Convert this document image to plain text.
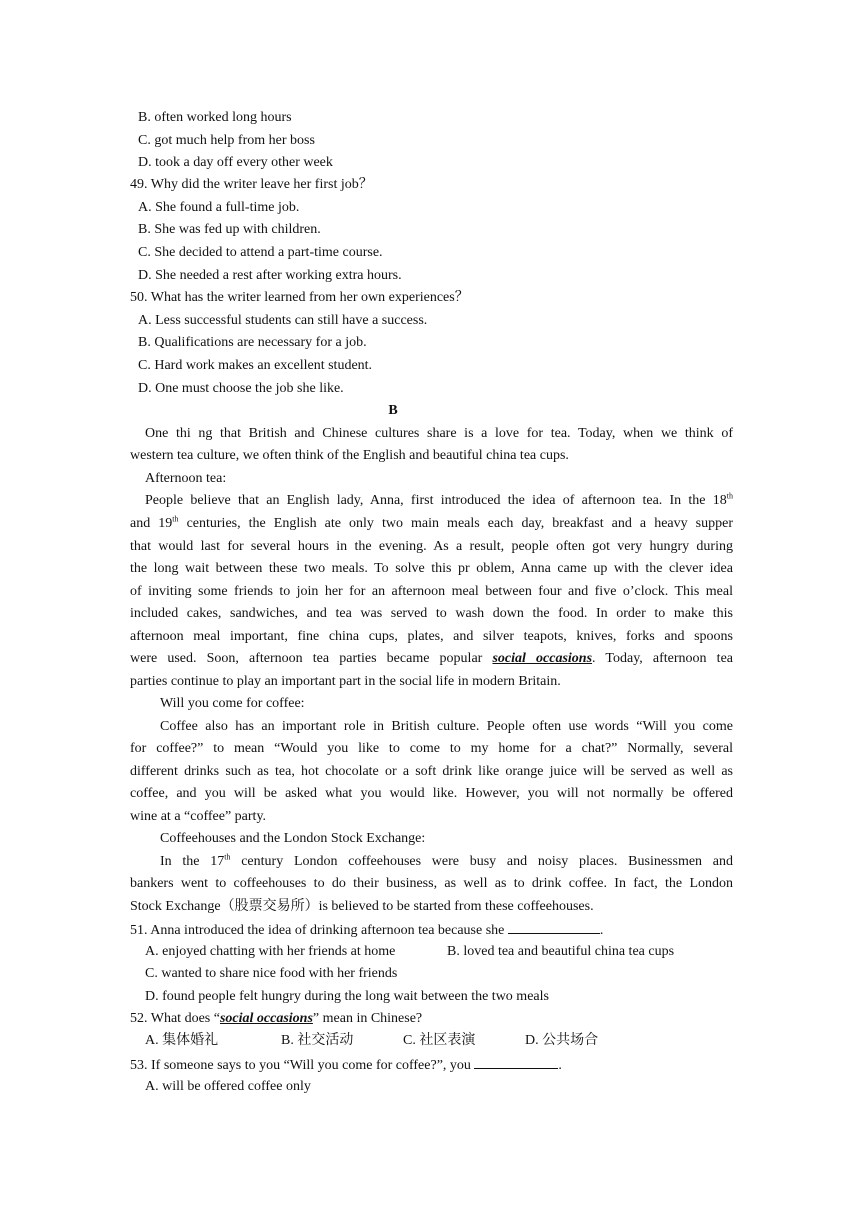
B. often worked long hours
C. got much help from her boss
D. took a day off every other week
49. Why did the writer leave her first job？
A. She found a full-time job.
B. She was fed up with children.
C. She decided to attend a part-time course.
D. She needed a rest after working extra hours.
50. What has the writer learned from her own experiences？
A. Less successful students can still have a success.
B. Qualifications are necessary for a job.
C. Hard work makes an excellent student.
D. One must choose the job she like.
B
One thi ng that British and Chinese cultures share is a love for tea. Today, when we think of
western tea culture, we often think of the English and beautiful china tea cups.
Afternoon tea:
People believe that an English lady, Anna, first introduced the idea of afternoon tea. In the 18th
and 19th centuries, the English ate only two main meals each day, breakfast and a heavy supper
that would last for several hours in the evening. As a result, people often got very hungry during
the long wait between these two meals. To solve this pr oblem, Anna came up with the clever idea
of inviting some friends to join her for an afternoon meal between four and five o’clock. This meal
included cakes, sandwiches, and tea was served to wash down the food. In order to make this
afternoon meal important, fine china cups, plates, and silver teapots, knives, forks and spoons
were used. Soon, afternoon tea parties became popular social occasions. Today, afternoon tea
parties continue to play an important part in the social life in modern Britain.
Will you come for coffee:
Coffee also has an important role in British culture. People often use words “Will you come
for coffee?” to mean “Would you like to come to my home for a chat?” Normally, several
different drinks such as tea, hot chocolate or a soft drink like orange juice will be served as well as
coffee, and you will be asked what you would like. However, you will not normally be offered
wine at a “coffee” party.
Coffeehouses and the London Stock Exchange:
In the 17th century London coffeehouses were busy and noisy places. Businessmen and
bankers went to coffeehouses to do their business, as well as to drink coffee. In fact, the London
Stock Exchange（股票交易所）is believed to be started from these coffeehouses.
51. Anna introduced the idea of drinking afternoon tea because she	.
A. enjoyed chatting with her friends at home	B. loved tea and beautiful china tea cups
C. wanted to share nice food with her friends
D. found people felt hungry during the long wait between the two meals
52. What does “social occasions” mean in Chinese?
A. 集体婚礼	B. 社交活动	C. 社区表演	D. 公共场合
53. If someone says to you “Will you come for coffee?”, you	.
A. will be offered coffee only
